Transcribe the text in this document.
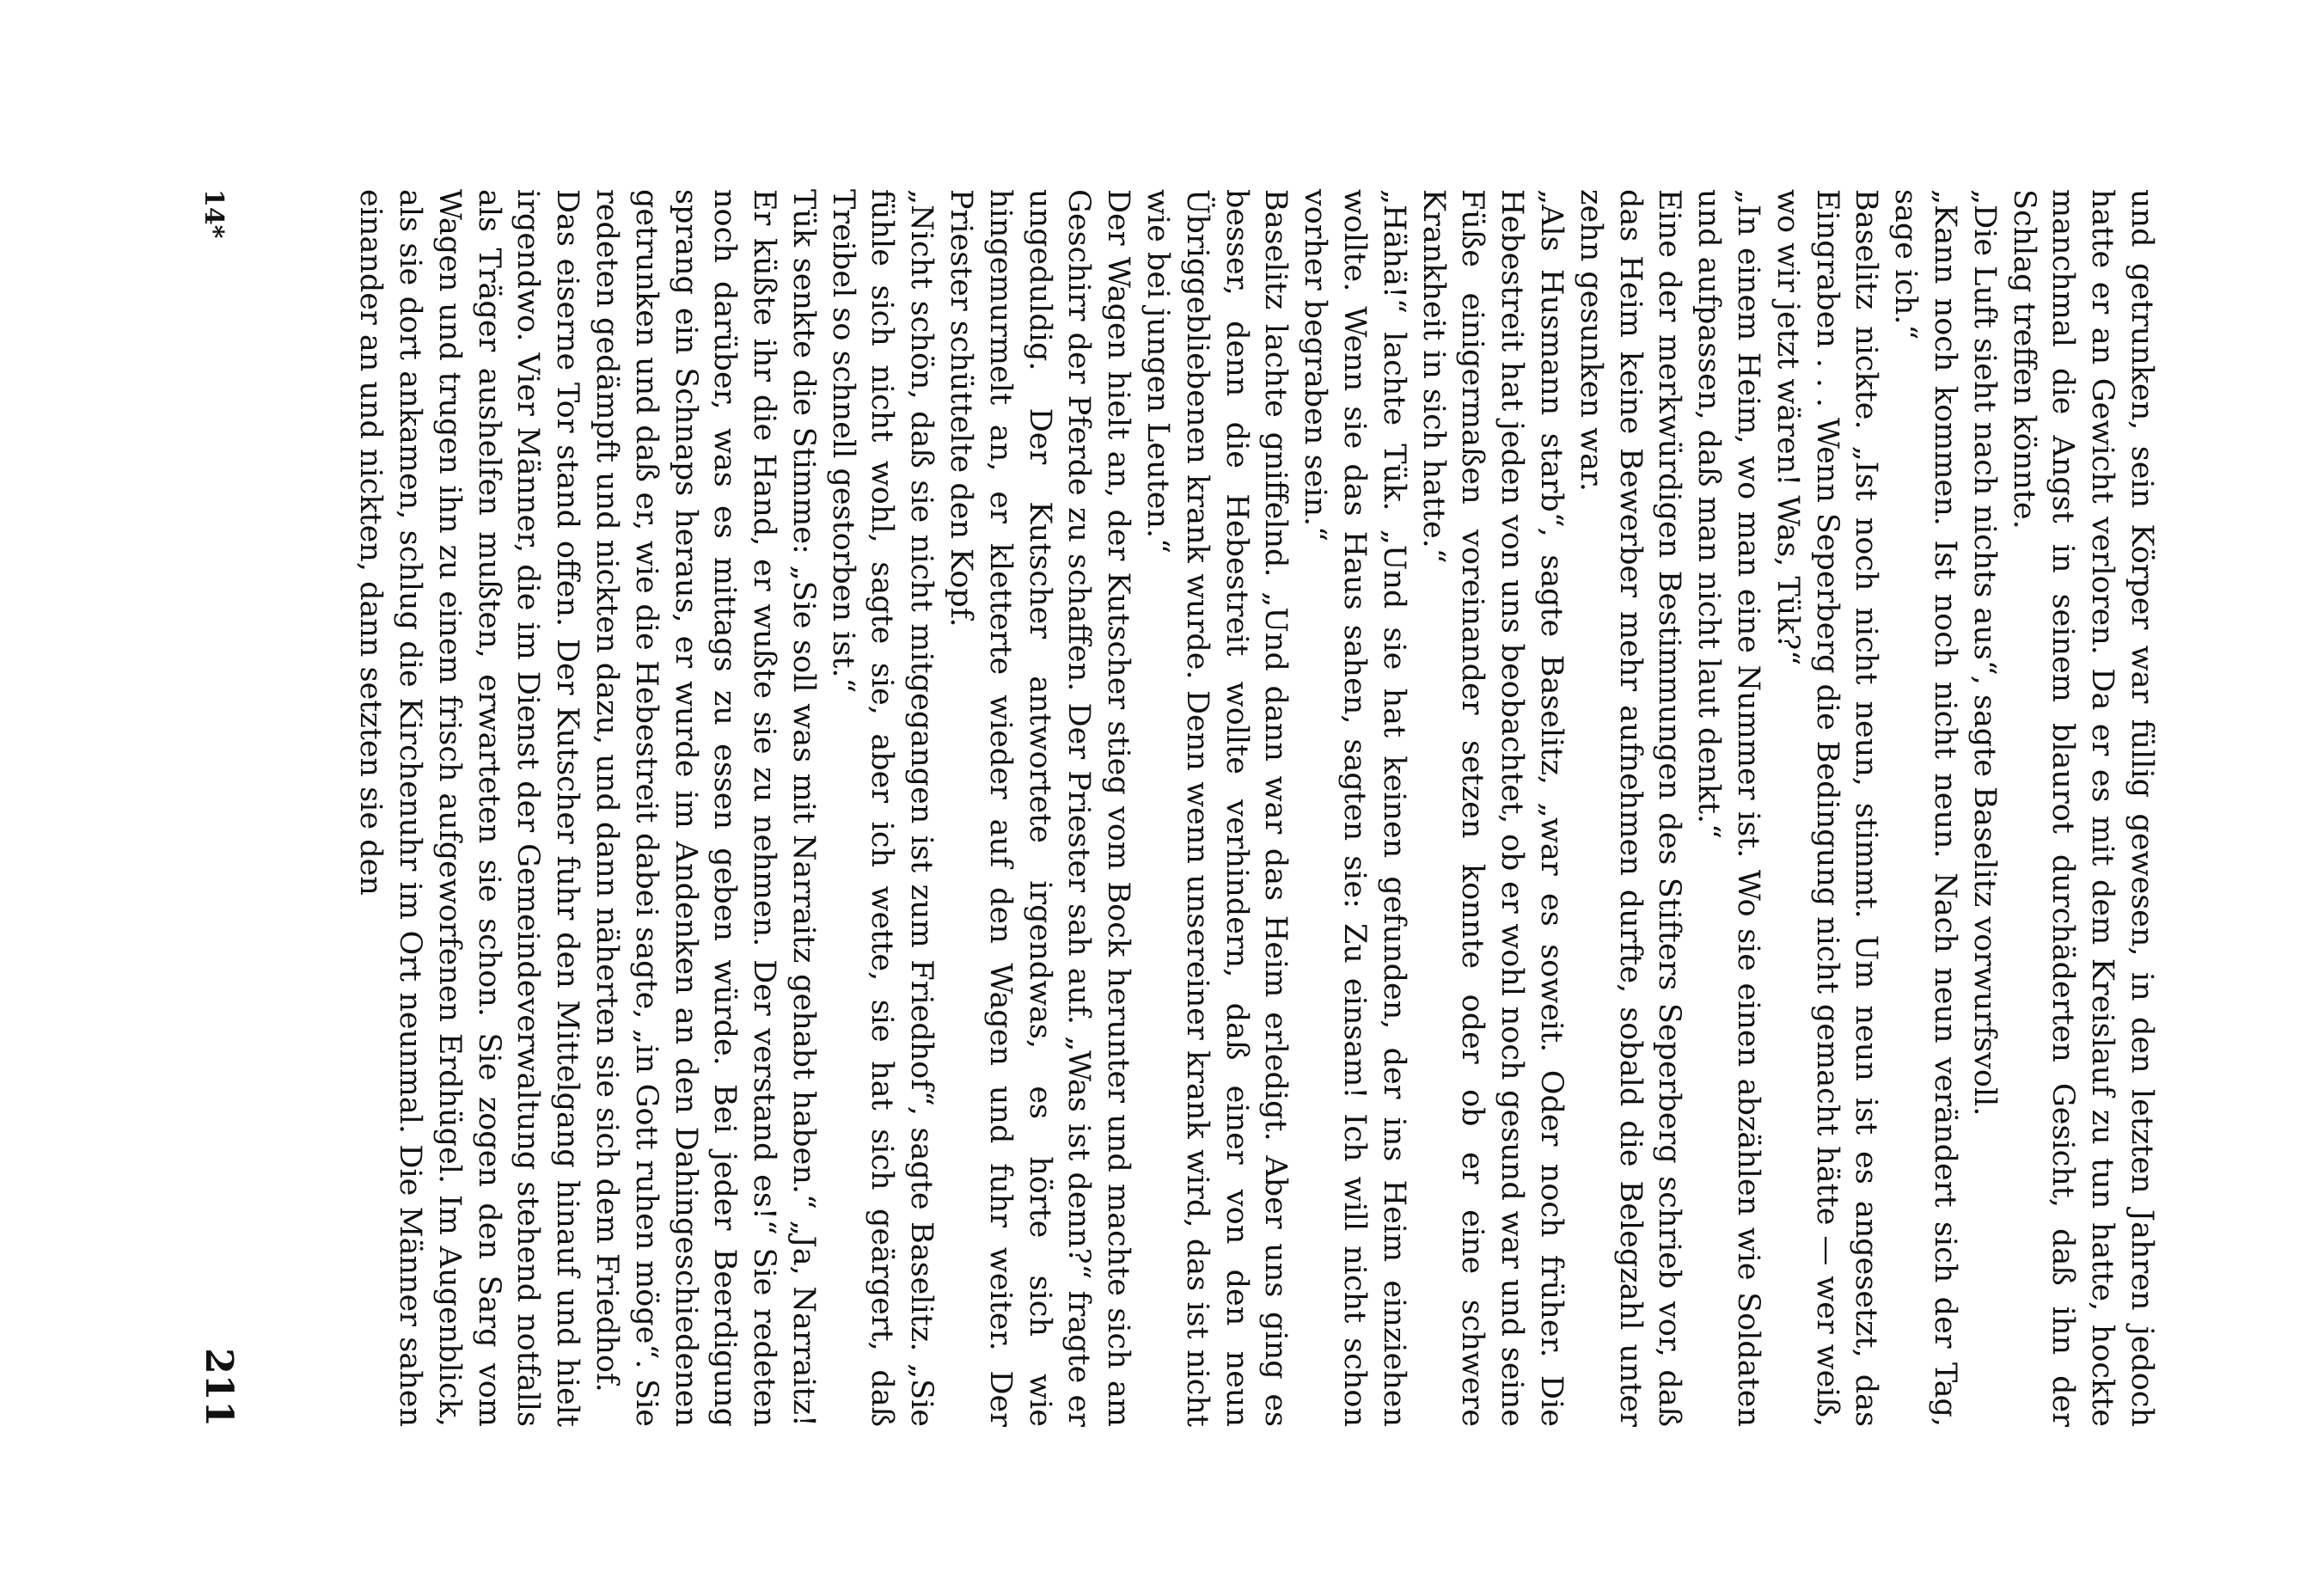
und getrunken, sein Körper war füllig gewesen, in den letzten Jahren jedoch hatte er an Gewicht verloren. Da er es mit dem Kreislauf zu tun hatte, hockte manchmal die Angst in seinem blaurot durchäderten Gesicht, daß ihn der Schlag treffen könnte.

„Die Luft sieht nach nichts aus“, sagte Baselitz vorwurfsvoll.

„Kann noch kommen. Ist noch nicht neun. Nach neun verändert sich der Tag, sage ich.“

Baselitz nickte. „Ist noch nicht neun, stimmt. Um neun ist es angesetzt, das Eingraben . . . Wenn Seperberg die Bedingung nicht gemacht hätte — wer weiß, wo wir jetzt wären! Was, Tük?“

„In einem Heim, wo man eine Nummer ist. Wo sie einen abzählen wie Soldaten und aufpassen, daß man nicht laut denkt.“

Eine der merkwürdigen Bestimmungen des Stifters Seperberg schrieb vor, daß das Heim keine Bewerber mehr aufnehmen durfte, sobald die Belegzahl unter zehn gesunken war.

„Als Husmann starb“, sagte Baselitz, „war es soweit. Oder noch früher. Die Hebestreit hat jeden von uns beobachtet, ob er wohl noch gesund war und seine Füße einigermaßen voreinander setzen konnte oder ob er eine schwere Krankheit in sich hatte.“

„Hähä!“ lachte Tük. „Und sie hat keinen gefunden, der ins Heim einziehen wollte. Wenn sie das Haus sahen, sagten sie: Zu einsam! Ich will nicht schon vorher begraben sein.“

Baselitz lachte gniffelnd. „Und dann war das Heim erledigt. Aber uns ging es besser, denn die Hebestreit wollte verhindern, daß einer von den neun Übriggebliebenen krank wurde. Denn wenn unsereiner krank wird, das ist nicht wie bei jungen Leuten.“

Der Wagen hielt an, der Kutscher stieg vom Bock herunter und machte sich am Geschirr der Pferde zu schaffen. Der Priester sah auf. „Was ist denn?“ fragte er ungeduldig. Der Kutscher antwortete irgendwas, es hörte sich wie hingemurmelt an, er kletterte wieder auf den Wagen und fuhr weiter. Der Priester schüttelte den Kopf.

„Nicht schön, daß sie nicht mitgegangen ist zum Friedhof“, sagte Baselitz. „Sie fühle sich nicht wohl, sagte sie, aber ich wette, sie hat sich geärgert, daß Treibel so schnell gestorben ist.“

Tük senkte die Stimme: „Sie soll was mit Narraitz gehabt haben.“ „Ja, Narraitz! Er küßte ihr die Hand, er wußte sie zu nehmen. Der verstand es!“ Sie redeten noch darüber, was es mittags zu essen geben würde. Bei jeder Beerdigung sprang ein Schnaps heraus, er wurde im Andenken an den Dahingeschiedenen getrunken und daß er, wie die Hebestreit dabei sagte, „in Gott ruhen möge“. Sie redeten gedämpft und nickten dazu, und dann näherten sie sich dem Friedhof.

Das eiserne Tor stand offen. Der Kutscher fuhr den Mittelgang hinauf und hielt irgendwo. Vier Männer, die im Dienst der Gemeindeverwaltung stehend notfalls als Träger aushelfen mußten, erwarteten sie schon. Sie zogen den Sarg vom Wagen und trugen ihn zu einem frisch aufgeworfenen Erdhügel. Im Augenblick, als sie dort ankamen, schlug die Kirchenuhr im Ort neunmal. Die Männer sahen einander an und nickten, dann setzten sie den

14*
211
